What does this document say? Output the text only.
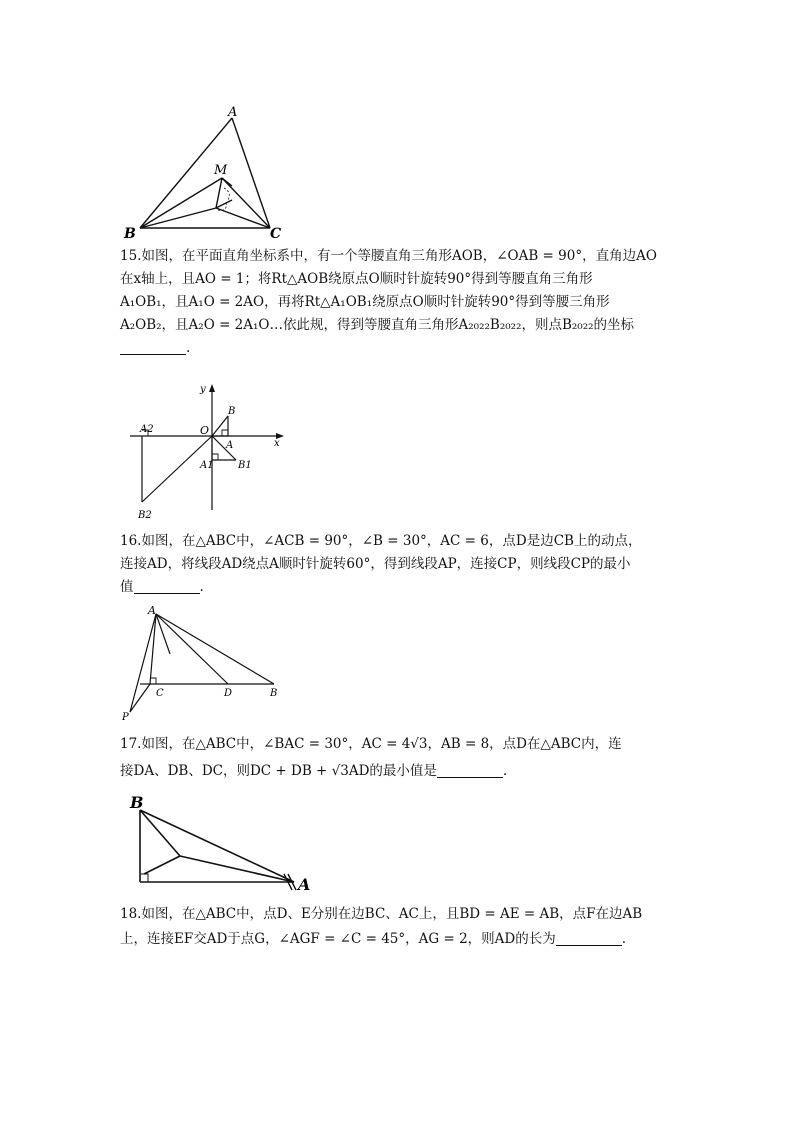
A
M
B	C
15.如图，在平面直角坐标系中，有一个等腰直角三角形AOB，∠OAB = 90°，直角边AO
在x轴上，且AO = 1；将Rt△AOB绕原点O顺时针旋转90°得到等腰直角三角形
A₁OB₁，且A₁O = 2AO，再将Rt△A₁OB₁绕原点O顺时针旋转90°得到等腰三角形
A₂OB₂，且A₂O = 2A₁O…依此规，得到等腰直角三角形A₂₀₂₂B₂₀₂₂，则点B₂₀₂₂的坐标
.
y
x
O
A
B
A1 B1
A2
B2
16.如图，在△ABC中，∠ACB = 90°，∠B = 30°，AC = 6，点D是边CB上的动点，
连接AD，将线段AD绕点A顺时针旋转60°，得到线段AP，连接CP，则线段CP的最小
值	.
A
C	D	B
P
17.如图，在△ABC中，∠BAC = 30°，AC = 4√3，AB = 8，点D在△ABC内，连
接DA、DB、DC，则DC + DB + √3AD的最小值是	.
B
A
18.如图，在△ABC中，点D、E分别在边BC、AC上，且BD = AE = AB，点F在边AB
上，连接EF交AD于点G，∠AGF = ∠C = 45°，AG = 2，则AD的长为	.
